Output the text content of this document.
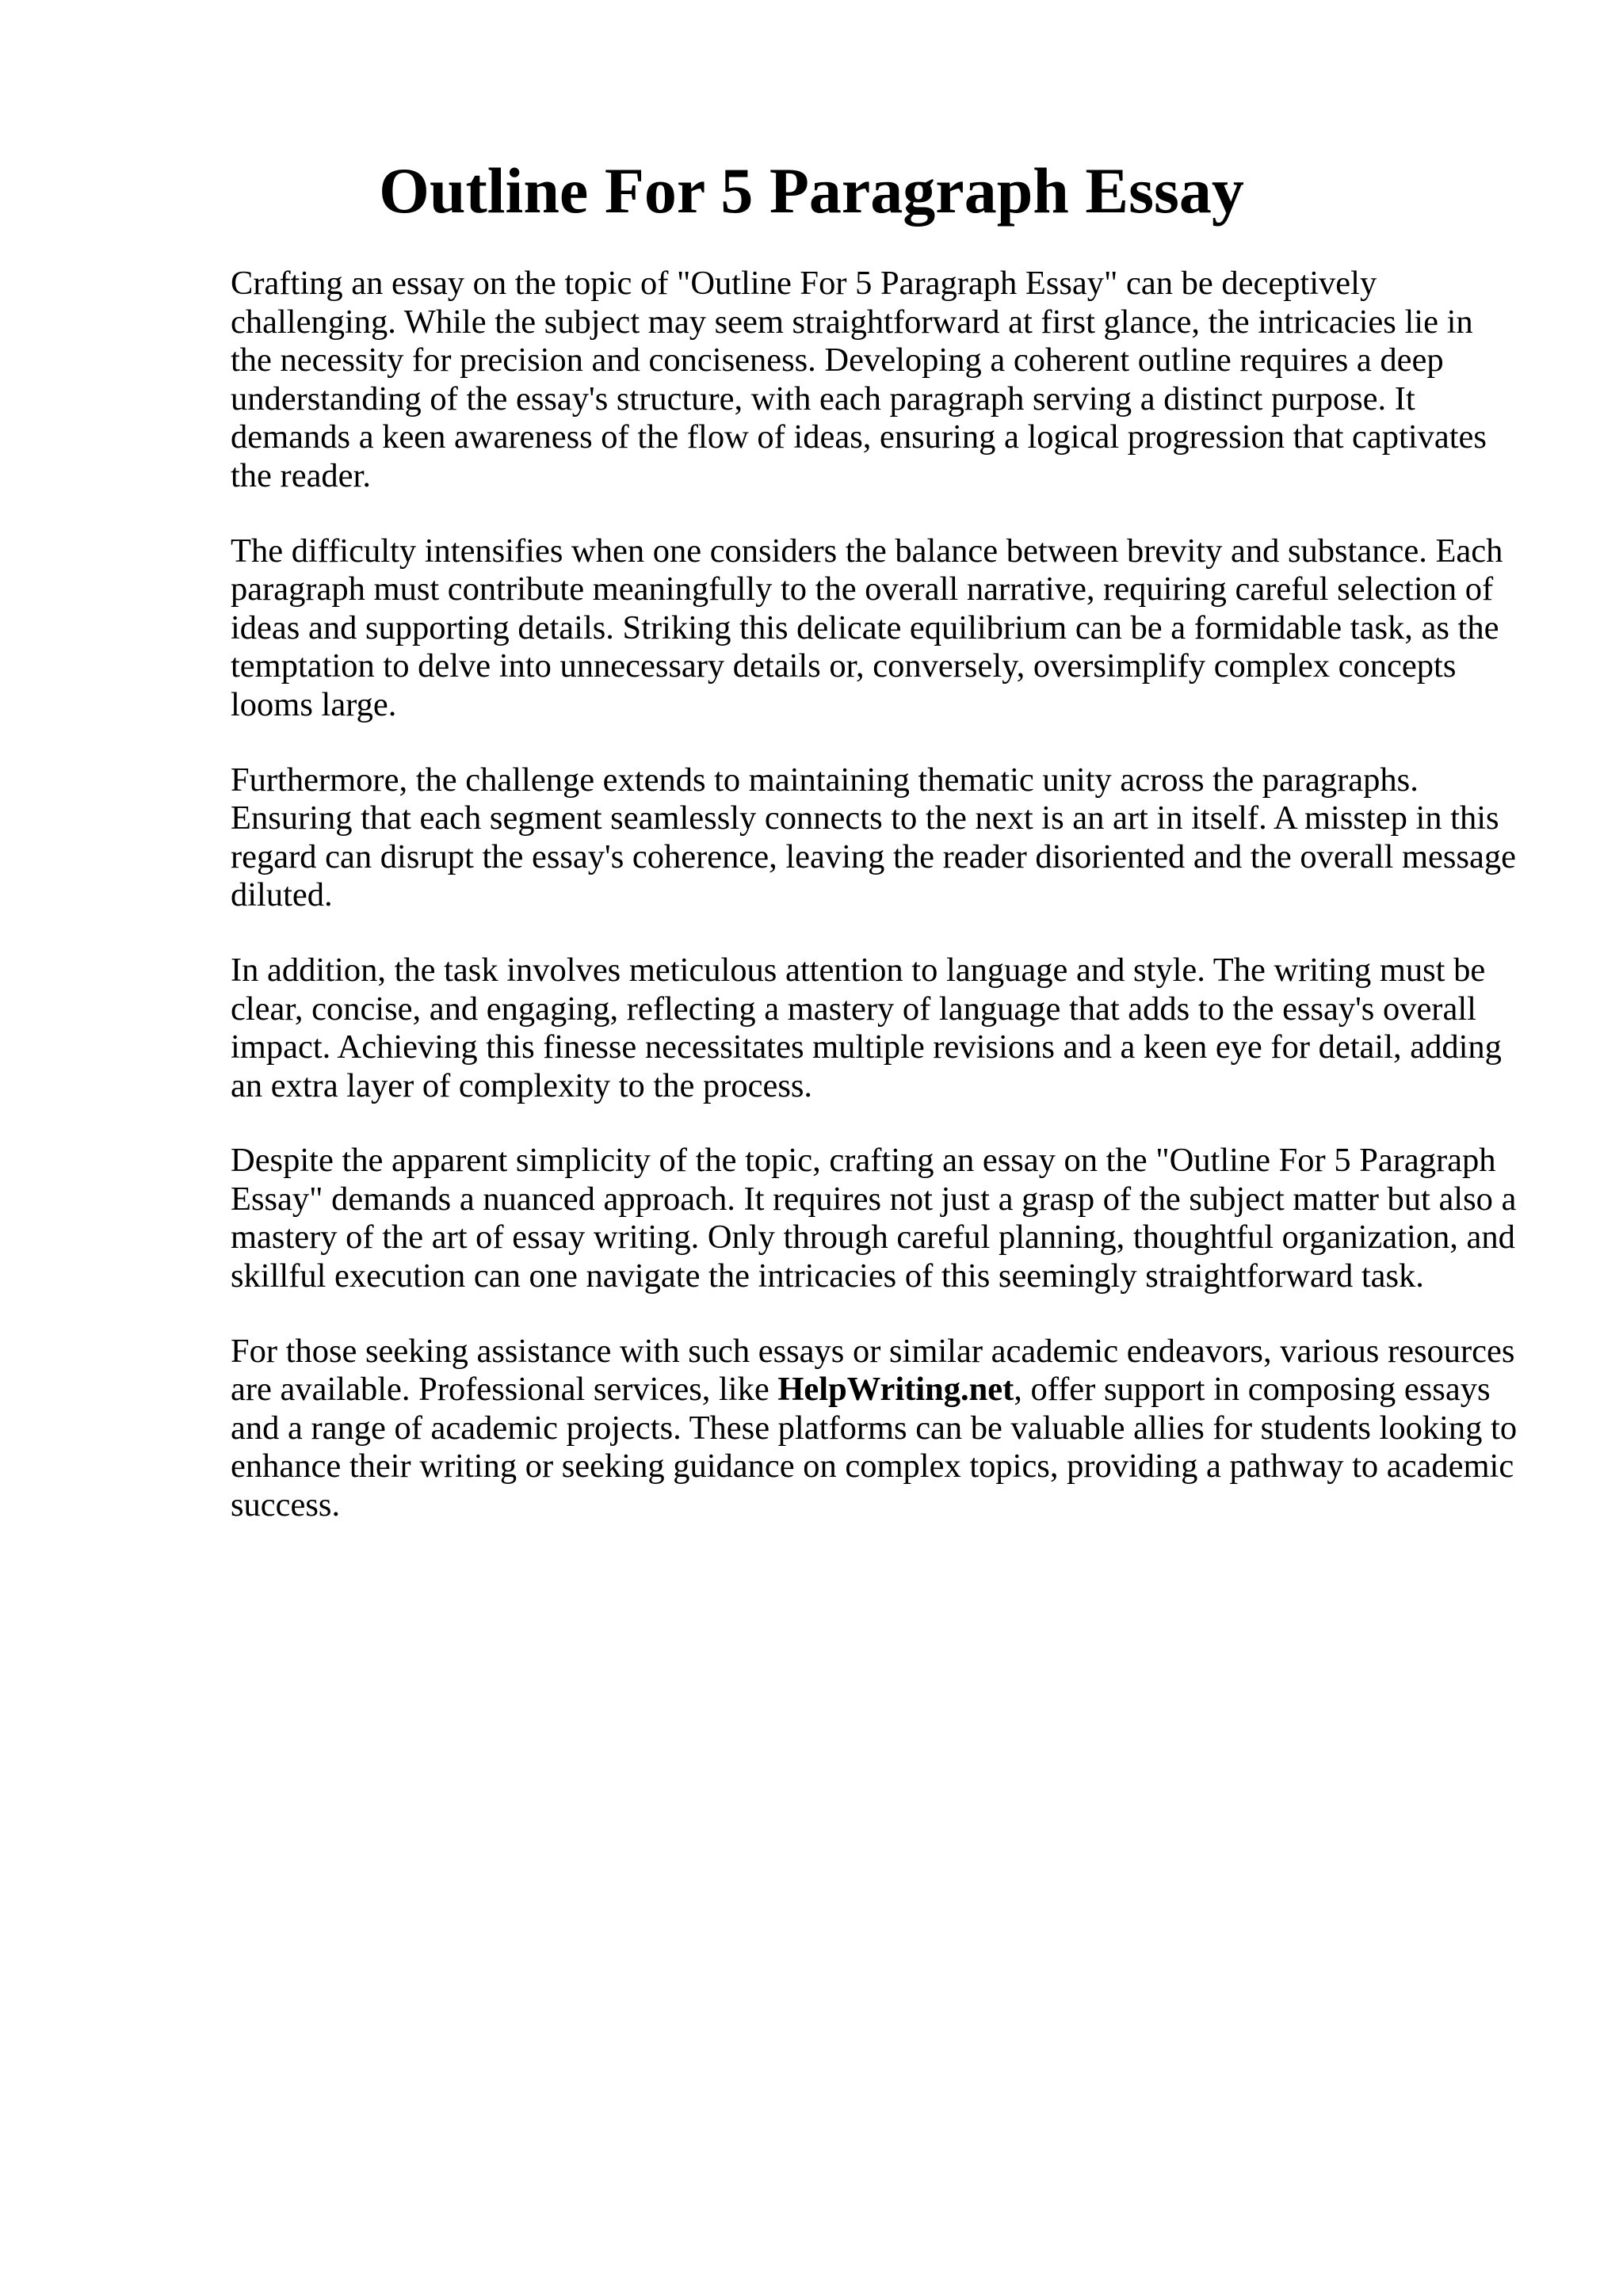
Outline For 5 Paragraph Essay

Crafting an essay on the topic of "Outline For 5 Paragraph Essay" can be deceptively challenging. While the subject may seem straightforward at first glance, the intricacies lie in the necessity for precision and conciseness. Developing a coherent outline requires a deep understanding of the essay's structure, with each paragraph serving a distinct purpose. It demands a keen awareness of the flow of ideas, ensuring a logical progression that captivates the reader.

The difficulty intensifies when one considers the balance between brevity and substance. Each paragraph must contribute meaningfully to the overall narrative, requiring careful selection of ideas and supporting details. Striking this delicate equilibrium can be a formidable task, as the temptation to delve into unnecessary details or, conversely, oversimplify complex concepts looms large.

Furthermore, the challenge extends to maintaining thematic unity across the paragraphs. Ensuring that each segment seamlessly connects to the next is an art in itself. A misstep in this regard can disrupt the essay's coherence, leaving the reader disoriented and the overall message diluted.

In addition, the task involves meticulous attention to language and style. The writing must be clear, concise, and engaging, reflecting a mastery of language that adds to the essay's overall impact. Achieving this finesse necessitates multiple revisions and a keen eye for detail, adding an extra layer of complexity to the process.

Despite the apparent simplicity of the topic, crafting an essay on the "Outline For 5 Paragraph Essay" demands a nuanced approach. It requires not just a grasp of the subject matter but also a mastery of the art of essay writing. Only through careful planning, thoughtful organization, and skillful execution can one navigate the intricacies of this seemingly straightforward task.

For those seeking assistance with such essays or similar academic endeavors, various resources are available. Professional services, like HelpWriting.net, offer support in composing essays and a range of academic projects. These platforms can be valuable allies for students looking to enhance their writing or seeking guidance on complex topics, providing a pathway to academic success.
